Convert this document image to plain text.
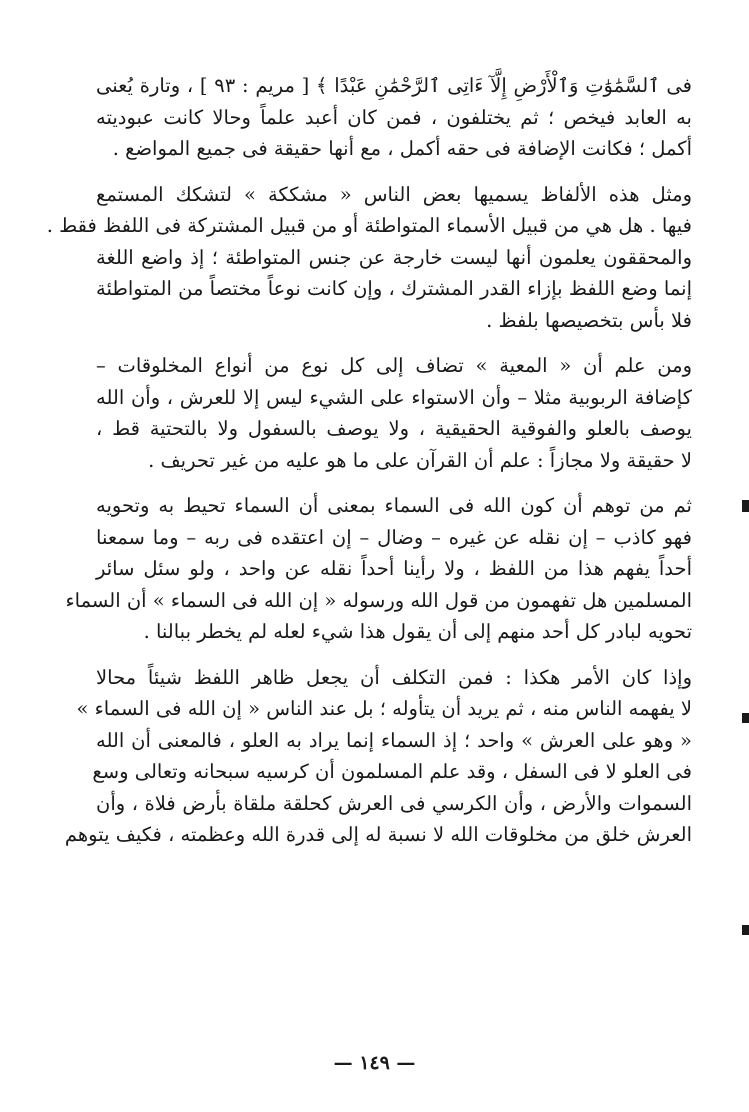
فى ٱلسَّمَٰوَٰتِ وَٱلْأَرْضِ إِلَّآ ءَاتِى ٱلرَّحْمَٰنِ عَبْدًا ﴾ [ مريم : ٩٣ ] ، وتارة يُعنى
به العابد فيخص ؛ ثم يختلفون ، فمن كان أعبد علماً وحالا كانت عبوديته
أكمل ؛ فكانت الإضافة فى حقه أكمل ، مع أنها حقيقة فى جميع المواضع .
ومثل هذه الألفاظ يسميها بعض الناس « مشككة » لتشكك المستمع
فيها . هل هي من قبيل الأسماء المتواطئة أو من قبيل المشتركة فى اللفظ فقط .
والمحققون يعلمون أنها ليست خارجة عن جنس المتواطئة ؛ إذ واضع اللغة
إنما وضع اللفظ بإزاء القدر المشترك ، وإن كانت نوعاً مختصاً من المتواطئة
فلا بأس بتخصيصها بلفظ .
ومن علم أن « المعية » تضاف إلى كل نوع من أنواع المخلوقات –
كإضافة الربوبية مثلا – وأن الاستواء على الشيء ليس إلا للعرش ، وأن الله
يوصف بالعلو والفوقية الحقيقية ، ولا يوصف بالسفول ولا بالتحتية قط ،
لا حقيقة ولا مجازاً : علم أن القرآن على ما هو عليه من غير تحريف .
ثم من توهم أن كون الله فى السماء بمعنى أن السماء تحيط به وتحويه
فهو كاذب – إن نقله عن غيره – وضال – إن اعتقده فى ربه – وما سمعنا
أحداً يفهم هذا من اللفظ ، ولا رأينا أحداً نقله عن واحد ، ولو سئل سائر
المسلمين هل تفهمون من قول الله ورسوله « إن الله فى السماء » أن السماء
تحويه لبادر كل أحد منهم إلى أن يقول هذا شيء لعله لم يخطر ببالنا .
وإذا كان الأمر هكذا : فمن التكلف أن يجعل ظاهر اللفظ شيئاً محالا
لا يفهمه الناس منه ، ثم يريد أن يتأوله ؛ بل عند الناس « إن الله فى السماء »
« وهو على العرش » واحد ؛ إذ السماء إنما يراد به العلو ، فالمعنى أن الله
فى العلو لا فى السفل ، وقد علم المسلمون أن كرسيه سبحانه وتعالى وسع
السموات والأرض ، وأن الكرسي فى العرش كحلقة ملقاة بأرض فلاة ، وأن
العرش خلق من مخلوقات الله لا نسبة له إلى قدرة الله وعظمته ، فكيف يتوهم
— ١٤٩ —
